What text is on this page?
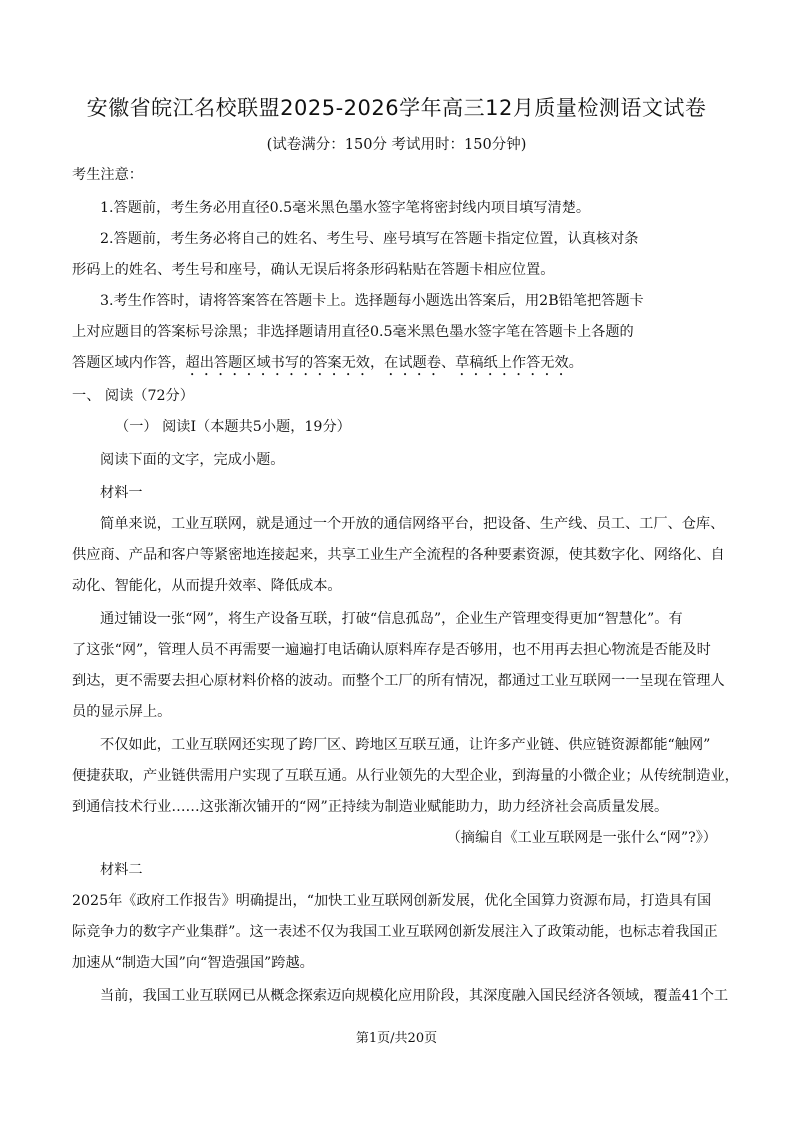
安徽省皖江名校联盟2025-2026学年高三12月质量检测语文试卷
(试卷满分：150分 考试用时：150分钟)
考生注意：
1.答题前，考生务必用直径0.5毫米黑色墨水签字笔将密封线内项目填写清楚。
2.答题前，考生务必将自己的姓名、考生号、座号填写在答题卡指定位置，认真核对条
形码上的姓名、考生号和座号，确认无误后将条形码粘贴在答题卡相应位置。
3.考生作答时，请将答案答在答题卡上。选择题每小题选出答案后，用2B铅笔把答题卡
上对应题目的答案标号涂黑；非选择题请用直径0.5毫米黑色墨水签字笔在答题卡上各题的
答题区域内作答，超出答题区域书写的答案无效，在试题卷、草稿纸上作答无效。
一、 阅读（72分）
（一） 阅读Ⅰ（本题共5小题，19分）
阅读下面的文字，完成小题。
材料一
简单来说，工业互联网，就是通过一个开放的通信网络平台，把设备、生产线、员工、工厂、仓库、
供应商、产品和客户等紧密地连接起来，共享工业生产全流程的各种要素资源，使其数字化、网络化、自
动化、智能化，从而提升效率、降低成本。
通过铺设一张“网”，将生产设备互联，打破“信息孤岛”，企业生产管理变得更加“智慧化”。有
了这张“网”，管理人员不再需要一遍遍打电话确认原料库存是否够用，也不用再去担心物流是否能及时
到达，更不需要去担心原材料价格的波动。而整个工厂的所有情况，都通过工业互联网一一呈现在管理人
员的显示屏上。
不仅如此，工业互联网还实现了跨厂区、跨地区互联互通，让许多产业链、供应链资源都能“触网”
便捷获取，产业链供需用户实现了互联互通。从行业领先的大型企业，到海量的小微企业；从传统制造业，
到通信技术行业……这张渐次铺开的“网”正持续为制造业赋能助力，助力经济社会高质量发展。
（摘编自《工业互联网是一张什么“网”?》）
材料二
2025年《政府工作报告》明确提出，“加快工业互联网创新发展，优化全国算力资源布局，打造具有国
际竞争力的数字产业集群”。这一表述不仅为我国工业互联网创新发展注入了政策动能，也标志着我国正
加速从“制造大国”向“智造强国”跨越。
当前，我国工业互联网已从概念探索迈向规模化应用阶段，其深度融入国民经济各领域，覆盖41个工
第1页/共20页
